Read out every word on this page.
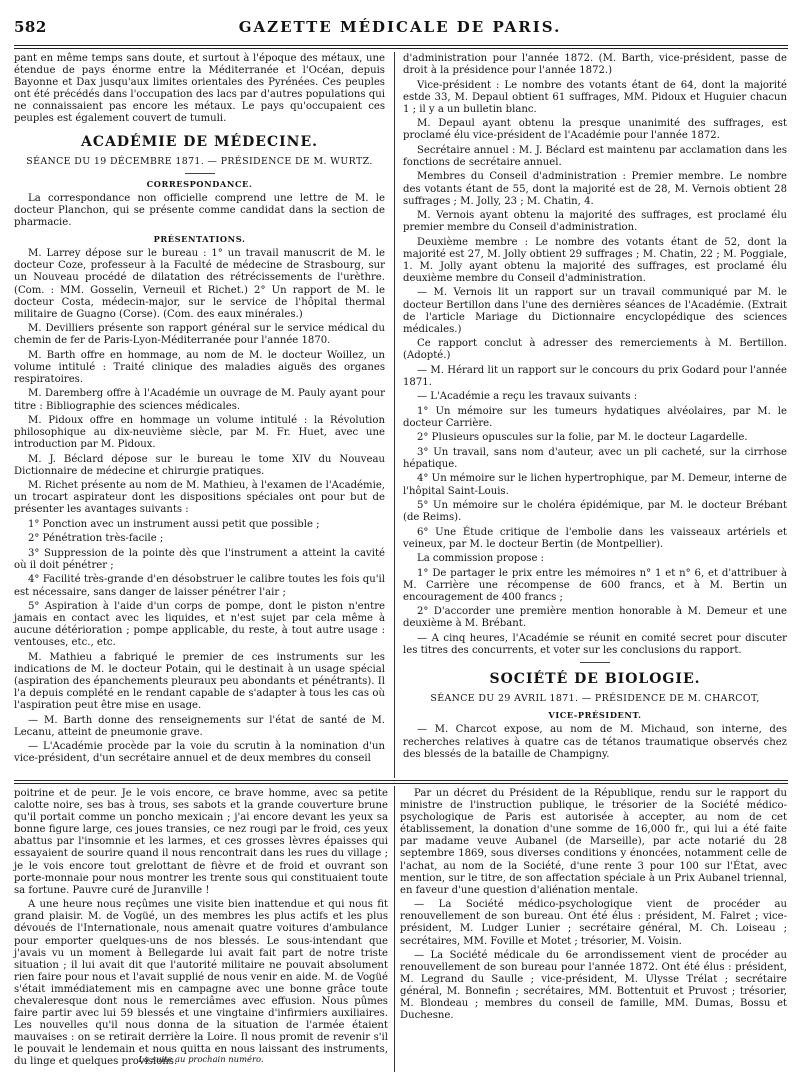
GAZETTE MÉDICALE DE PARIS.
582

pant en même temps sans doute, et surtout à l'époque des métaux, une étendue de pays énorme entre la Méditerranée et l'Océan, depuis Bayonne et Dax jusqu'aux limites orientales des Pyrénées. Ces peuples ont été précédés dans l'occupation des lacs par d'autres populations qui ne connaissaient pas encore les métaux. Le pays qu'occupaient ces peuples est également couvert de tumuli.

ACADÉMIE DE MÉDECINE.
SÉANCE DU 19 DÉCEMBRE 1871. — PRÉSIDENCE DE M. WURTZ.
CORRESPONDANCE.

La correspondance non officielle comprend une lettre de M. le docteur Planchon, qui se présente comme candidat dans la section de pharmacie.

PRÉSENTATIONS.

M. Larrey dépose sur le bureau : 1° un travail manuscrit de M. le docteur Coze, professeur à la Faculté de médecine de Strasbourg, sur un Nouveau procédé de dilatation des rétrécissements de l'urèthre. (Com. : MM. Gosselin, Verneuil et Richet.) 2° Un rapport de M. le docteur Costa, médecin-major, sur le service de l'hôpital thermal militaire de Guagno (Corse). (Com. des eaux minérales.)

M. Devilliers présente son rapport général sur le service médical du chemin de fer de Paris-Lyon-Méditerranée pour l'année 1870.

M. Barth offre en hommage, au nom de M. le docteur Woillez, un volume intitulé : Traité clinique des maladies aiguës des organes respiratoires.

M. Daremberg offre à l'Académie un ouvrage de M. Pauly ayant pour titre : Bibliographie des sciences médicales.

M. Pidoux offre en hommage un volume intitulé : la Révolution philosophique au dix-neuvième siècle, par M. Fr. Huet, avec une introduction par M. Pidoux.

M. J. Béclard dépose sur le bureau le tome XIV du Nouveau Dictionnaire de médecine et chirurgie pratiques.

M. Richet présente au nom de M. Mathieu, à l'examen de l'Académie, un trocart aspirateur dont les dispositions spéciales ont pour but de présenter les avantages suivants :

1° Ponction avec un instrument aussi petit que possible ;

2° Pénétration très-facile ;

3° Suppression de la pointe dès que l'instrument a atteint la cavité où il doit pénétrer ;

4° Facilité très-grande d'en désobstruer le calibre toutes les fois qu'il est nécessaire, sans danger de laisser pénétrer l'air ;

5° Aspiration à l'aide d'un corps de pompe, dont le piston n'entre jamais en contact avec les liquides, et n'est sujet par cela même à aucune détérioration ; pompe applicable, du reste, à tout autre usage : ventouses, etc., etc.

M. Mathieu a fabriqué le premier de ces instruments sur les indications de M. le docteur Potain, qui le destinait à un usage spécial (aspiration des épanchements pleuraux peu abondants et pénétrants). Il l'a depuis complété en le rendant capable de s'adapter à tous les cas où l'aspiration peut être mise en usage.

— M. Barth donne des renseignements sur l'état de santé de M. Lecanu, atteint de pneumonie grave.

— L'Académie procède par la voie du scrutin à la nomination d'un vice-président, d'un secrétaire annuel et de deux membres du conseil

d'administration pour l'année 1872. (M. Barth, vice-président, passe de droit à la présidence pour l'année 1872.)

Vice-président : Le nombre des votants étant de 64, dont la majorité estde 33, M. Depaul obtient 61 suffrages, MM. Pidoux et Huguier chacun 1 ; il y a un bulletin blanc.

M. Depaul ayant obtenu la presque unanimité des suffrages, est proclamé élu vice-président de l'Académie pour l'année 1872.

Secrétaire annuel : M. J. Béclard est maintenu par acclamation dans les fonctions de secrétaire annuel.

Membres du Conseil d'administration : Premier membre. Le nombre des votants étant de 55, dont la majorité est de 28, M. Vernois obtient 28 suffrages ; M. Jolly, 23 ; M. Chatin, 4.

M. Vernois ayant obtenu la majorité des suffrages, est proclamé élu premier membre du Conseil d'administration.

Deuxième membre : Le nombre des votants étant de 52, dont la majorité est 27, M. Jolly obtient 29 suffrages ; M. Chatin, 22 ; M. Poggiale, 1. M. Jolly ayant obtenu la majorité des suffrages, est proclamé élu deuxième membre du Conseil d'administration.

— M. Vernois lit un rapport sur un travail communiqué par M. le docteur Bertillon dans l'une des dernières séances de l'Académie. (Extrait de l'article Mariage du Dictionnaire encyclopédique des sciences médicales.)

Ce rapport conclut à adresser des remerciements à M. Bertillon. (Adopté.)

— M. Hérard lit un rapport sur le concours du prix Godard pour l'année 1871.

— L'Académie a reçu les travaux suivants :

1° Un mémoire sur les tumeurs hydatiques alvéolaires, par M. le docteur Carrière.

2° Plusieurs opuscules sur la folie, par M. le docteur Lagardelle.

3° Un travail, sans nom d'auteur, avec un pli cacheté, sur la cirrhose hépatique.

4° Un mémoire sur le lichen hypertrophique, par M. Demeur, interne de l'hôpital Saint-Louis.

5° Un mémoire sur le choléra épidémique, par M. le docteur Brébant (de Reims).

6° Une Étude critique de l'embolie dans les vaisseaux artériels et veineux, par M. le docteur Bertin (de Montpellier).

La commission propose :

1° De partager le prix entre les mémoires n° 1 et n° 6, et d'attribuer à M. Carrière une récompense de 600 francs, et à M. Bertin un encouragement de 400 francs ;

2° D'accorder une première mention honorable à M. Demeur et une deuxième à M. Brébant.

— A cinq heures, l'Académie se réunit en comité secret pour discuter les titres des concurrents, et voter sur les conclusions du rapport.

SOCIÉTÉ DE BIOLOGIE.
SÉANCE DU 29 AVRIL 1871. — PRÉSIDENCE DE M. CHARCOT,
VICE-PRÉSIDENT.

— M. Charcot expose, au nom de M. Michaud, son interne, des recherches relatives à quatre cas de tétanos traumatique observés chez des blessés de la bataille de Champigny.

poitrine et de peur. Je le vois encore, ce brave homme, avec sa petite calotte noire, ses bas à trous, ses sabots et la grande couverture brune qu'il portait comme un poncho mexicain ; j'ai encore devant les yeux sa bonne figure large, ces joues transies, ce nez rougi par le froid, ces yeux abattus par l'insomnie et les larmes, et ces grosses lèvres épaisses qui essayaient de sourire quand il nous rencontrait dans les rues du village ; je le vois encore tout grelottant de fièvre et de froid et ouvrant son porte-monnaie pour nous montrer les trente sous qui constituaient toute sa fortune. Pauvre curé de Juranville !

A une heure nous reçûmes une visite bien inattendue et qui nous fit grand plaisir. M. de Vogüé, un des membres les plus actifs et les plus dévoués de l'Internationale, nous amenait quatre voitures d'ambulance pour emporter quelques-uns de nos blessés. Le sous-intendant que j'avais vu un moment à Bellegarde lui avait fait part de notre triste situation ; il lui avait dit que l'autorité militaire ne pouvait absolument rien faire pour nous et l'avait supplié de nous venir en aide. M. de Vogüé s'était immédiatement mis en campagne avec une bonne grâce toute chevaleresque dont nous le remerciâmes avec effusion. Nous pûmes faire partir avec lui 59 blessés et une vingtaine d'infirmiers auxiliaires. Les nouvelles qu'il nous donna de la situation de l'armée étaient mauvaises : on se retirait derrière la Loire. Il nous promit de revenir s'il le pouvait le lendemain et nous quitta en nous laissant des instruments, du linge et quelques provisions.

La suite au prochain numéro.

Par un décret du Président de la République, rendu sur le rapport du ministre de l'instruction publique, le trésorier de la Société médico-psychologique de Paris est autorisée à accepter, au nom de cet établissement, la donation d'une somme de 16,000 fr., qui lui a été faite par madame veuve Aubanel (de Marseille), par acte notarié du 28 septembre 1869, sous diverses conditions y énoncées, notamment celle de l'achat, au nom de la Société, d'une rente 3 pour 100 sur l'État, avec mention, sur le titre, de son affectation spéciale à un Prix Aubanel triennal, en faveur d'une question d'aliénation mentale.

— La Société médico-psychologique vient de procéder au renouvellement de son bureau. Ont été élus : président, M. Falret ; vice-président, M. Ludger Lunier ; secrétaire général, M. Ch. Loiseau ; secrétaires, MM. Foville et Motet ; trésorier, M. Voisin.

— La Société médicale du 6e arrondissement vient de procéder au renouvellement de son bureau pour l'année 1872. Ont été élus : président, M. Legrand du Saulle ; vice-président, M. Ulysse Trélat ; secrétaire général, M. Bonnefin ; secrétaires, MM. Bottentuit et Pruvost ; trésorier, M. Blondeau ; membres du conseil de famille, MM. Dumas, Bossu et Duchesne.
